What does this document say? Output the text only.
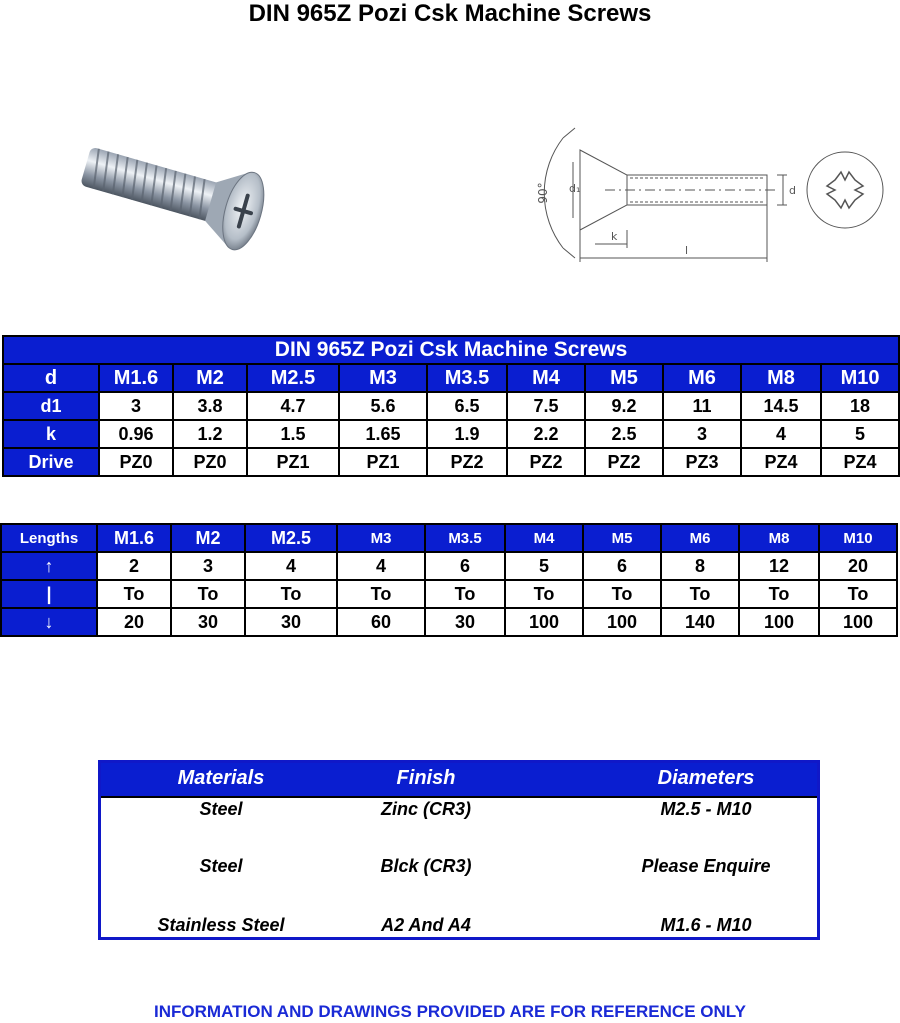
DIN 965Z Pozi Csk Machine Screws
90° d₁
k
l
d
DIN 965Z Pozi Csk Machine Screws										
d	M1.6	M2	M2.5	M3	M3.5	M4	M5	M6	M8	M10
d1	3	3.8	4.7	5.6	6.5	7.5	9.2	11	14.5	18
k	0.96	1.2	1.5	1.65	1.9	2.2	2.5	3	4	5
Drive	PZ0	PZ0	PZ1	PZ1	PZ2	PZ2	PZ2	PZ3	PZ4	PZ4
Lengths	M1.6	M2	M2.5	M3	M3.5	M4	M5	M6	M8	M10
↑	2	3	4	4	6	5	6	8	12	20
|	To	To	To	To	To	To	To	To	To	To
↓	20	30	30	60	30	100	100	140	100	100
Materials	Finish	Diameters
Steel	Zinc (CR3)	M2.5 - M10
Steel	Blck (CR3)	Please Enquire
Stainless Steel	A2 And A4	M1.6 - M10
INFORMATION AND DRAWINGS PROVIDED ARE FOR REFERENCE ONLY
